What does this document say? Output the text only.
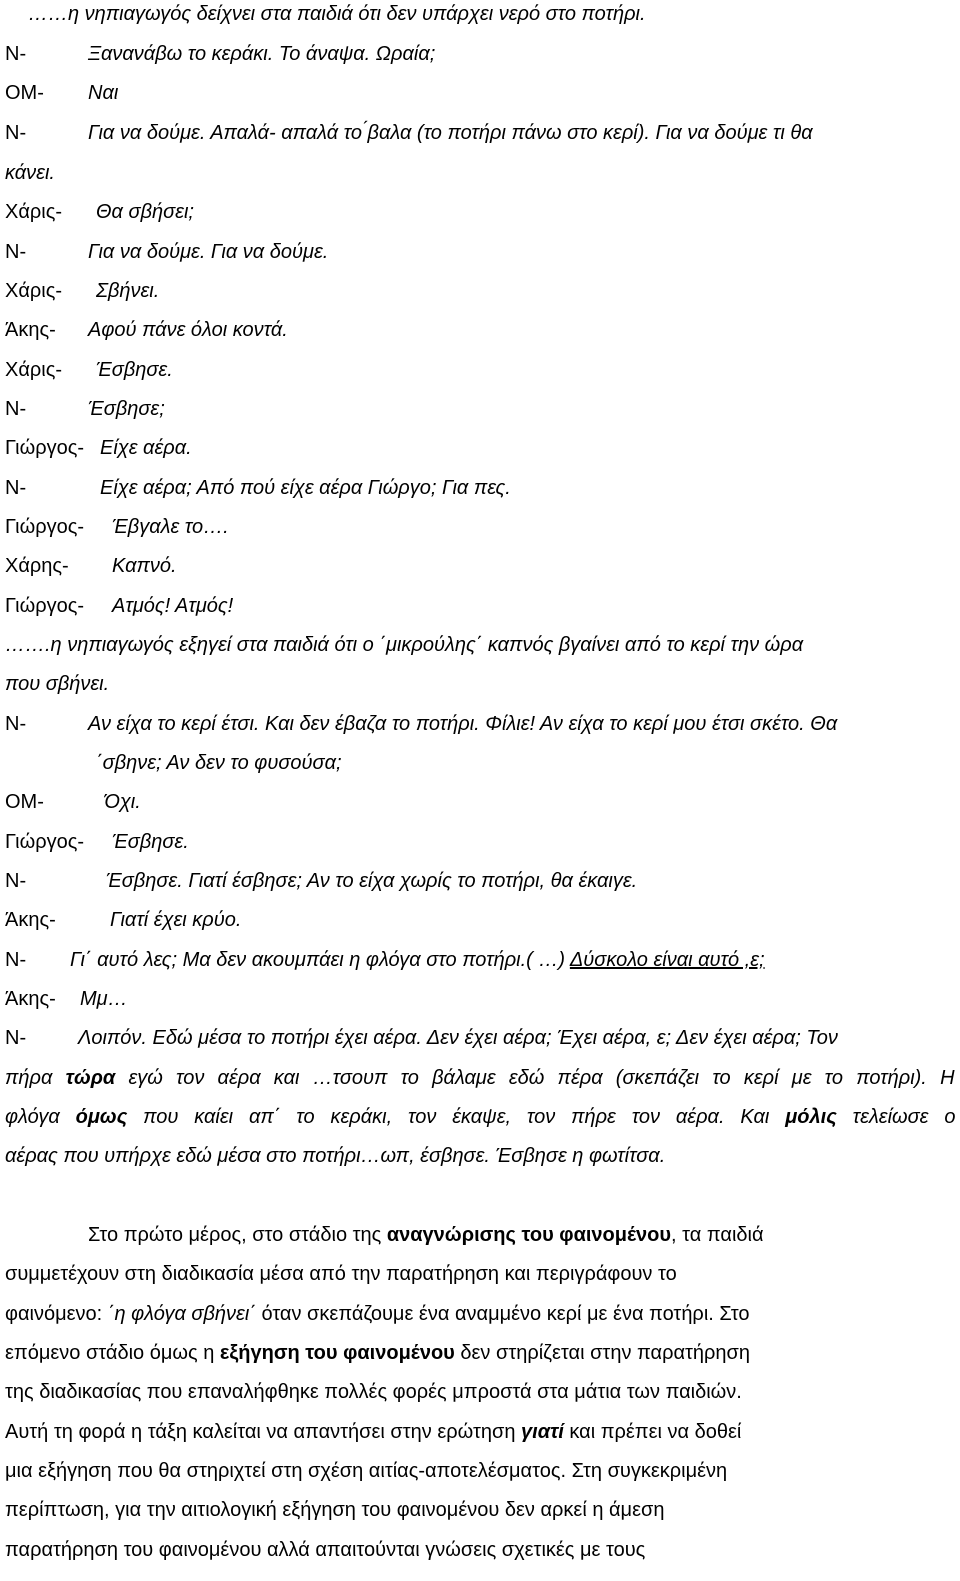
……η νηπιαγωγός δείχνει στα παιδιά ότι δεν υπάρχει νερό στο ποτήρι.
Ν-	Ξανανάβω το κεράκι. Το άναψα. Ωραία;
ΟΜ- Ναι
Ν-	Για να δούμε. Απαλά- απαλά το ́βαλα (το ποτήρι πάνω στο κερί). Για να δούμε τι θα
κάνει.
Χάρις- Θα σβήσει;
Ν-	Για να δούμε. Για να δούμε.
Χάρις- Σβήνει.
Άκης- Αφού πάνε όλοι κοντά.
Χάρις- Έσβησε.
Ν-	Έσβησε;
Γιώργος- Είχε αέρα.
Ν-	Είχε αέρα; Από πού είχε αέρα Γιώργο; Για πες.
Γιώργος- Έβγαλε το….
Χάρης- Καπνό.
Γιώργος- Ατμός! Ατμός!
…….η νηπιαγωγός εξηγεί στα παιδιά ότι ο ΄μικρούλης΄ καπνός βγαίνει από το κερί την ώρα
που σβήνει.
Ν-	Αν είχα το κερί έτσι. Και δεν έβαζα το ποτήρι. Φίλιε! Αν είχα το κερί μου έτσι σκέτο. Θα
΄σβηνε; Αν δεν το φυσούσα;
ΟΜ-	Όχι.
Γιώργος- Έσβησε.
Ν-	Έσβησε. Γιατί έσβησε; Αν το είχα χωρίς το ποτήρι, θα έκαιγε.
Άκης-	Γιατί έχει κρύο.
Ν- Γι΄ αυτό λες; Μα δεν ακουμπάει η φλόγα στο ποτήρι.( …) Δύσκολο είναι αυτό ,ε;
Άκης- Μμ…
Ν-	Λοιπόν. Εδώ μέσα το ποτήρι έχει αέρα. Δεν έχει αέρα; Έχει αέρα, ε; Δεν έχει αέρα; Τον
πήρα τώρα εγώ τον αέρα και …τσουπ το βάλαμε εδώ πέρα (σκεπάζει το κερί με το ποτήρι). Η
φλόγα όμως που καίει απ΄ το κεράκι, τον έκαψε, τον πήρε τον αέρα. Και μόλις τελείωσε ο
αέρας που υπήρχε εδώ μέσα στο ποτήρι…ωπ, έσβησε. Έσβησε η φωτίτσα.
Στο πρώτο μέρος, στο στάδιο της αναγνώρισης του φαινομένου, τα παιδιά
συμμετέχουν στη διαδικασία μέσα από την παρατήρηση και περιγράφουν το
φαινόμενο: ΄η φλόγα σβήνει΄ όταν σκεπάζουμε ένα αναμμένο κερί με ένα ποτήρι. Στο
επόμενο στάδιο όμως η εξήγηση του φαινομένου δεν στηρίζεται στην παρατήρηση
της διαδικασίας που επαναλήφθηκε πολλές φορές μπροστά στα μάτια των παιδιών.
Αυτή τη φορά η τάξη καλείται να απαντήσει στην ερώτηση γιατί και πρέπει να δοθεί
μια εξήγηση που θα στηριχτεί στη σχέση αιτίας-αποτελέσματος. Στη συγκεκριμένη
περίπτωση, για την αιτιολογική εξήγηση του φαινομένου δεν αρκεί η άμεση
παρατήρηση του φαινομένου αλλά απαιτούνται γνώσεις σχετικές με τους
